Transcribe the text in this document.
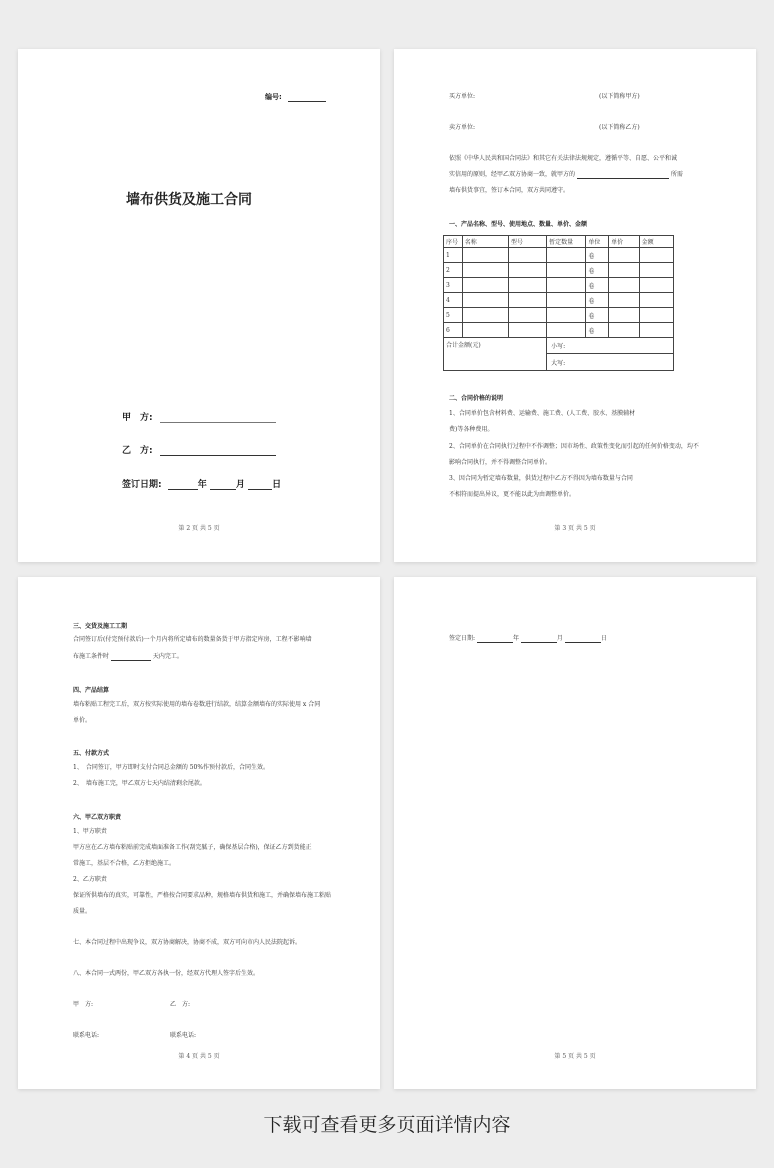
编号:
墙布供货及施工合同
甲　方:
乙　方:
签订日期:	年	月	日
第 2 页 共 5 页
买方单位:	(以下简称甲方)
卖方单位:	(以下简称乙方)
依照《中华人民共和国合同法》和其它有关法律法规规定，遵循平等、自愿、公平和诚
实信用的原则，经甲乙双方协商一致，就甲方的	所需
墙布供货事宜，签订本合同，双方共同遵守。
一、产品名称、型号、使用地点、数量、单价、金额
序号	名称	型号	暂定数量	单位	单价	金额
1				卷		
2				卷		
3				卷		
4				卷		
5				卷		
6				卷		
合计金额(元)			小写:			
			大写:			
二、合同价格的说明
1、合同单价包含材料费、运输费、施工费、(人工费、胶水、基膜辅材
费)等各种费用。
2、合同单价在合同执行过程中不作调整；因市场性、政策性变化而引起的任何价格变动，均不
影响合同执行，并不得调整合同单价。
3、因合同为暂定墙布数量，供货过程中乙方不得因为墙布数量与合同
不相符而提出异议，更不能以此为由调整单价。
第 3 页 共 5 页
三、交货及施工工期
合同签订后(付完预付款后)一个月内将所定墙布的数量备货于甲方指定库房，工程不影响墙
布施工条件时	天内完工。
四、产品结算
墙布粘贴工程完工后，双方按实际使用的墙布卷数进行结款，结算金额墙布的实际使用 x 合同
单价。
五、付款方式
1、　合同签订，甲方即时支付合同总金额的 50%作预付款后，合同生效。
2、　墙布施工完，甲乙双方七天内结清剩余尾款。
六、甲乙双方职责
1、甲方职责
甲方应在乙方墙布粘贴前完成墙面准备工作(刮完腻子，确保基层合格)，保证乙方到货能正
常施工，基层不合格，乙方拒绝施工。
2、乙方职责
保证所供墙布的真实，可靠性，严格按合同要求品种，规格墙布供货和施工，并确保墙布施工粘贴
质量。
七、本合同过程中出现争议，双方协商解决，协商不成，双方可向市内人民法院起诉。
八、本合同一式两份，甲乙双方各执一份，经双方代理人签字后生效。
甲　方:	乙　方:
联系电话:	联系电话:
第 4 页 共 5 页
签定日期:	年	月	日
第 5 页 共 5 页
下载可查看更多页面详情内容
